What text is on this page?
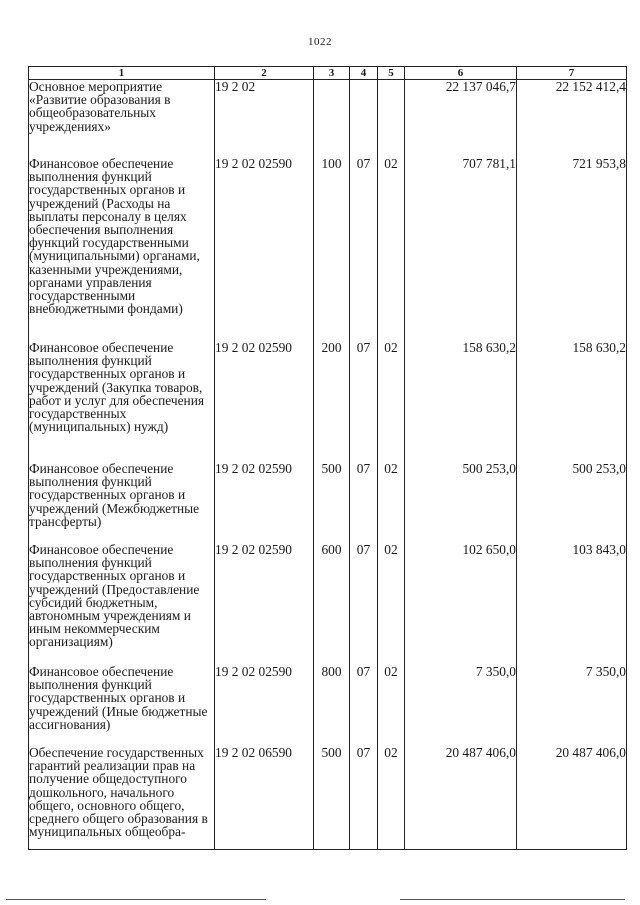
1022
1	2	3	4	5	6	7
Основное мероприятие «Развитие образования в общеобразовательных учреждениях»	19 2 02				22 137 046,7	22 152 412,4
Финансовое обеспечение выполнения функций государственных органов и учреждений (Расходы на выплаты персоналу в целях обеспечения выполнения функций государственными (муниципальными) органами, казенными учреждениями, органами управления государственными внебюджетными фондами)	19 2 02 02590	100	07	02	707 781,1	721 953,8
Финансовое обеспечение выполнения функций государственных органов и учреждений (Закупка товаров, работ и услуг для обеспечения государственных (муниципальных) нужд)	19 2 02 02590	200	07	02	158 630,2	158 630,2
Финансовое обеспечение выполнения функций государственных органов и учреждений (Межбюджетные трансферты)	19 2 02 02590	500	07	02	500 253,0	500 253,0
Финансовое обеспечение выполнения функций государственных органов и учреждений (Предоставление субсидий бюджетным, автономным учреждениям и иным некоммерческим организациям)	19 2 02 02590	600	07	02	102 650,0	103 843,0
Финансовое обеспечение выполнения функций государственных органов и учреждений (Иные бюджетные ассигнования)	19 2 02 02590	800	07	02	7 350,0	7 350,0
Обеспечение государственных гарантий реализации прав на получение общедоступного дошкольного, начального общего, основного общего, среднего общего образования в муниципальных общеобра-	19 2 02 06590	500	07	02	20 487 406,0	20 487 406,0
